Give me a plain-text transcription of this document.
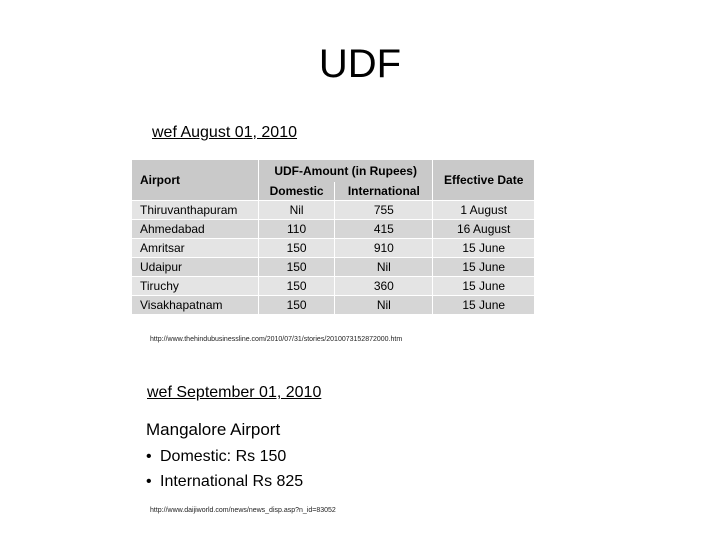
UDF
wef August 01, 2010
Airport	UDF-Amount (in Rupees)		Effective Date
	Domestic	International	
Thiruvanthapuram	Nil	755	1 August
Ahmedabad	110	415	16 August
Amritsar	150	910	15 June
Udaipur	150	Nil	15 June
Tiruchy	150	360	15 June
Visakhapatnam	150	Nil	15 June
http://www.thehindubusinessline.com/2010/07/31/stories/2010073152872000.htm
wef September 01, 2010
Mangalore Airport
• Domestic: Rs 150
• International Rs 825
http://www.daijiworld.com/news/news_disp.asp?n_id=83052
